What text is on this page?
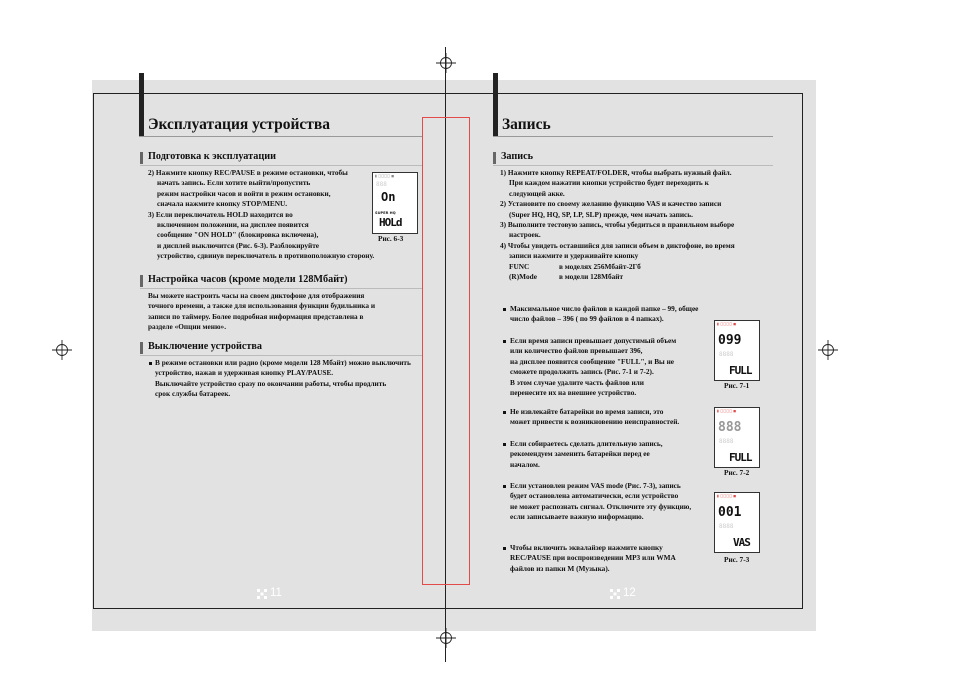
Эксплуатация устройства
Подготовка к эксплуатации
2) Нажмите кнопку REC/PAUSE в режиме остановки, чтобы
начать запись. Если хотите выйти/пропустить
режим настройки часов и войти в режим остановки,
сначала нажмите кнопку STOP/MENU.
3) Если переключатель HOLD находится во
включенном положении, на дисплее появится
сообщение "ON HOLD" (блокировка включена),
и дисплей выключится (Рис. 6-3). Разблокируйте
устройство, сдвинув переключатель в противоположную сторону.
▮ ◻◻◻◻ ◼
888
On
SUPER HQ
HOLd
Рис. 6-3
Настройка часов (кроме модели 128Мбайт)
Вы можете настроить часы на своем диктофоне для отображения
точного времени, а также для использования функции будильника и
записи по таймеру. Более подробная информация представлена в
разделе «Опции меню».
Выключение устройства
В режиме остановки или радио (кроме модели 128 Мбайт) можно выключить
устройство, нажав и удерживая кнопку PLAY/PAUSE.
Выключайте устройство сразу по окончании работы, чтобы продлить
срок службы батареек.
11
Запись
Запись
1) Нажмите кнопку REPEAT/FOLDER, чтобы выбрать нужный файл.
При каждом нажатии кнопки устройство будет переходить к
следующей акке.
2) Установите по своему желанию функцию VAS и качество записи
(Super HQ, HQ, SP, LP, SLP) прежде, чем начать запись.
3) Выполните тестовую запись, чтобы убедиться в правильном выборе
настроек.
4) Чтобы увидеть оставшийся для записи объем в диктофоне, во время
записи нажмите и удерживайте кнопку
FUNC	в моделях 256Мбайт-2Гб
(R)Mode	в модели 128Мбайт
Максимальное число файлов в каждой папке – 99, общее
число файлов – 396 ( по 99 файлов в 4 папках).
Если время записи превышает допустимый объем
или количество файлов превышает 396,
на дисплее появится сообщение "FULL", и Вы не
сможете продолжить запись (Рис. 7-1 и 7-2).
В этом случае удалите часть файлов или
перенесите их на внешнее устройство.
Не извлекайте батарейки во время записи, это
может привести к возникновению неисправностей.
Если собираетесь сделать длительную запись,
рекомендуем заменить батарейки перед ее
началом.
Если установлен режим VAS mode (Рис. 7-3), запись
будет остановлена автоматически, если устройство
не может распознать сигнал. Отключите эту функцию,
если записываете важную информацию.
Чтобы включить эквалайзер нажмите кнопку
REC/PAUSE при воспроизведении MP3 или WMA
файлов из папки M (Музыка).
▮ ◻◻◻◻ ◼
099
8888
FULL
Рис. 7-1
▮ ◻◻◻◻ ◼
888
8888
FULL
Рис. 7-2
▮ ◻◻◻◻ ◼
001
8888
VAS
Рис. 7-3
12
